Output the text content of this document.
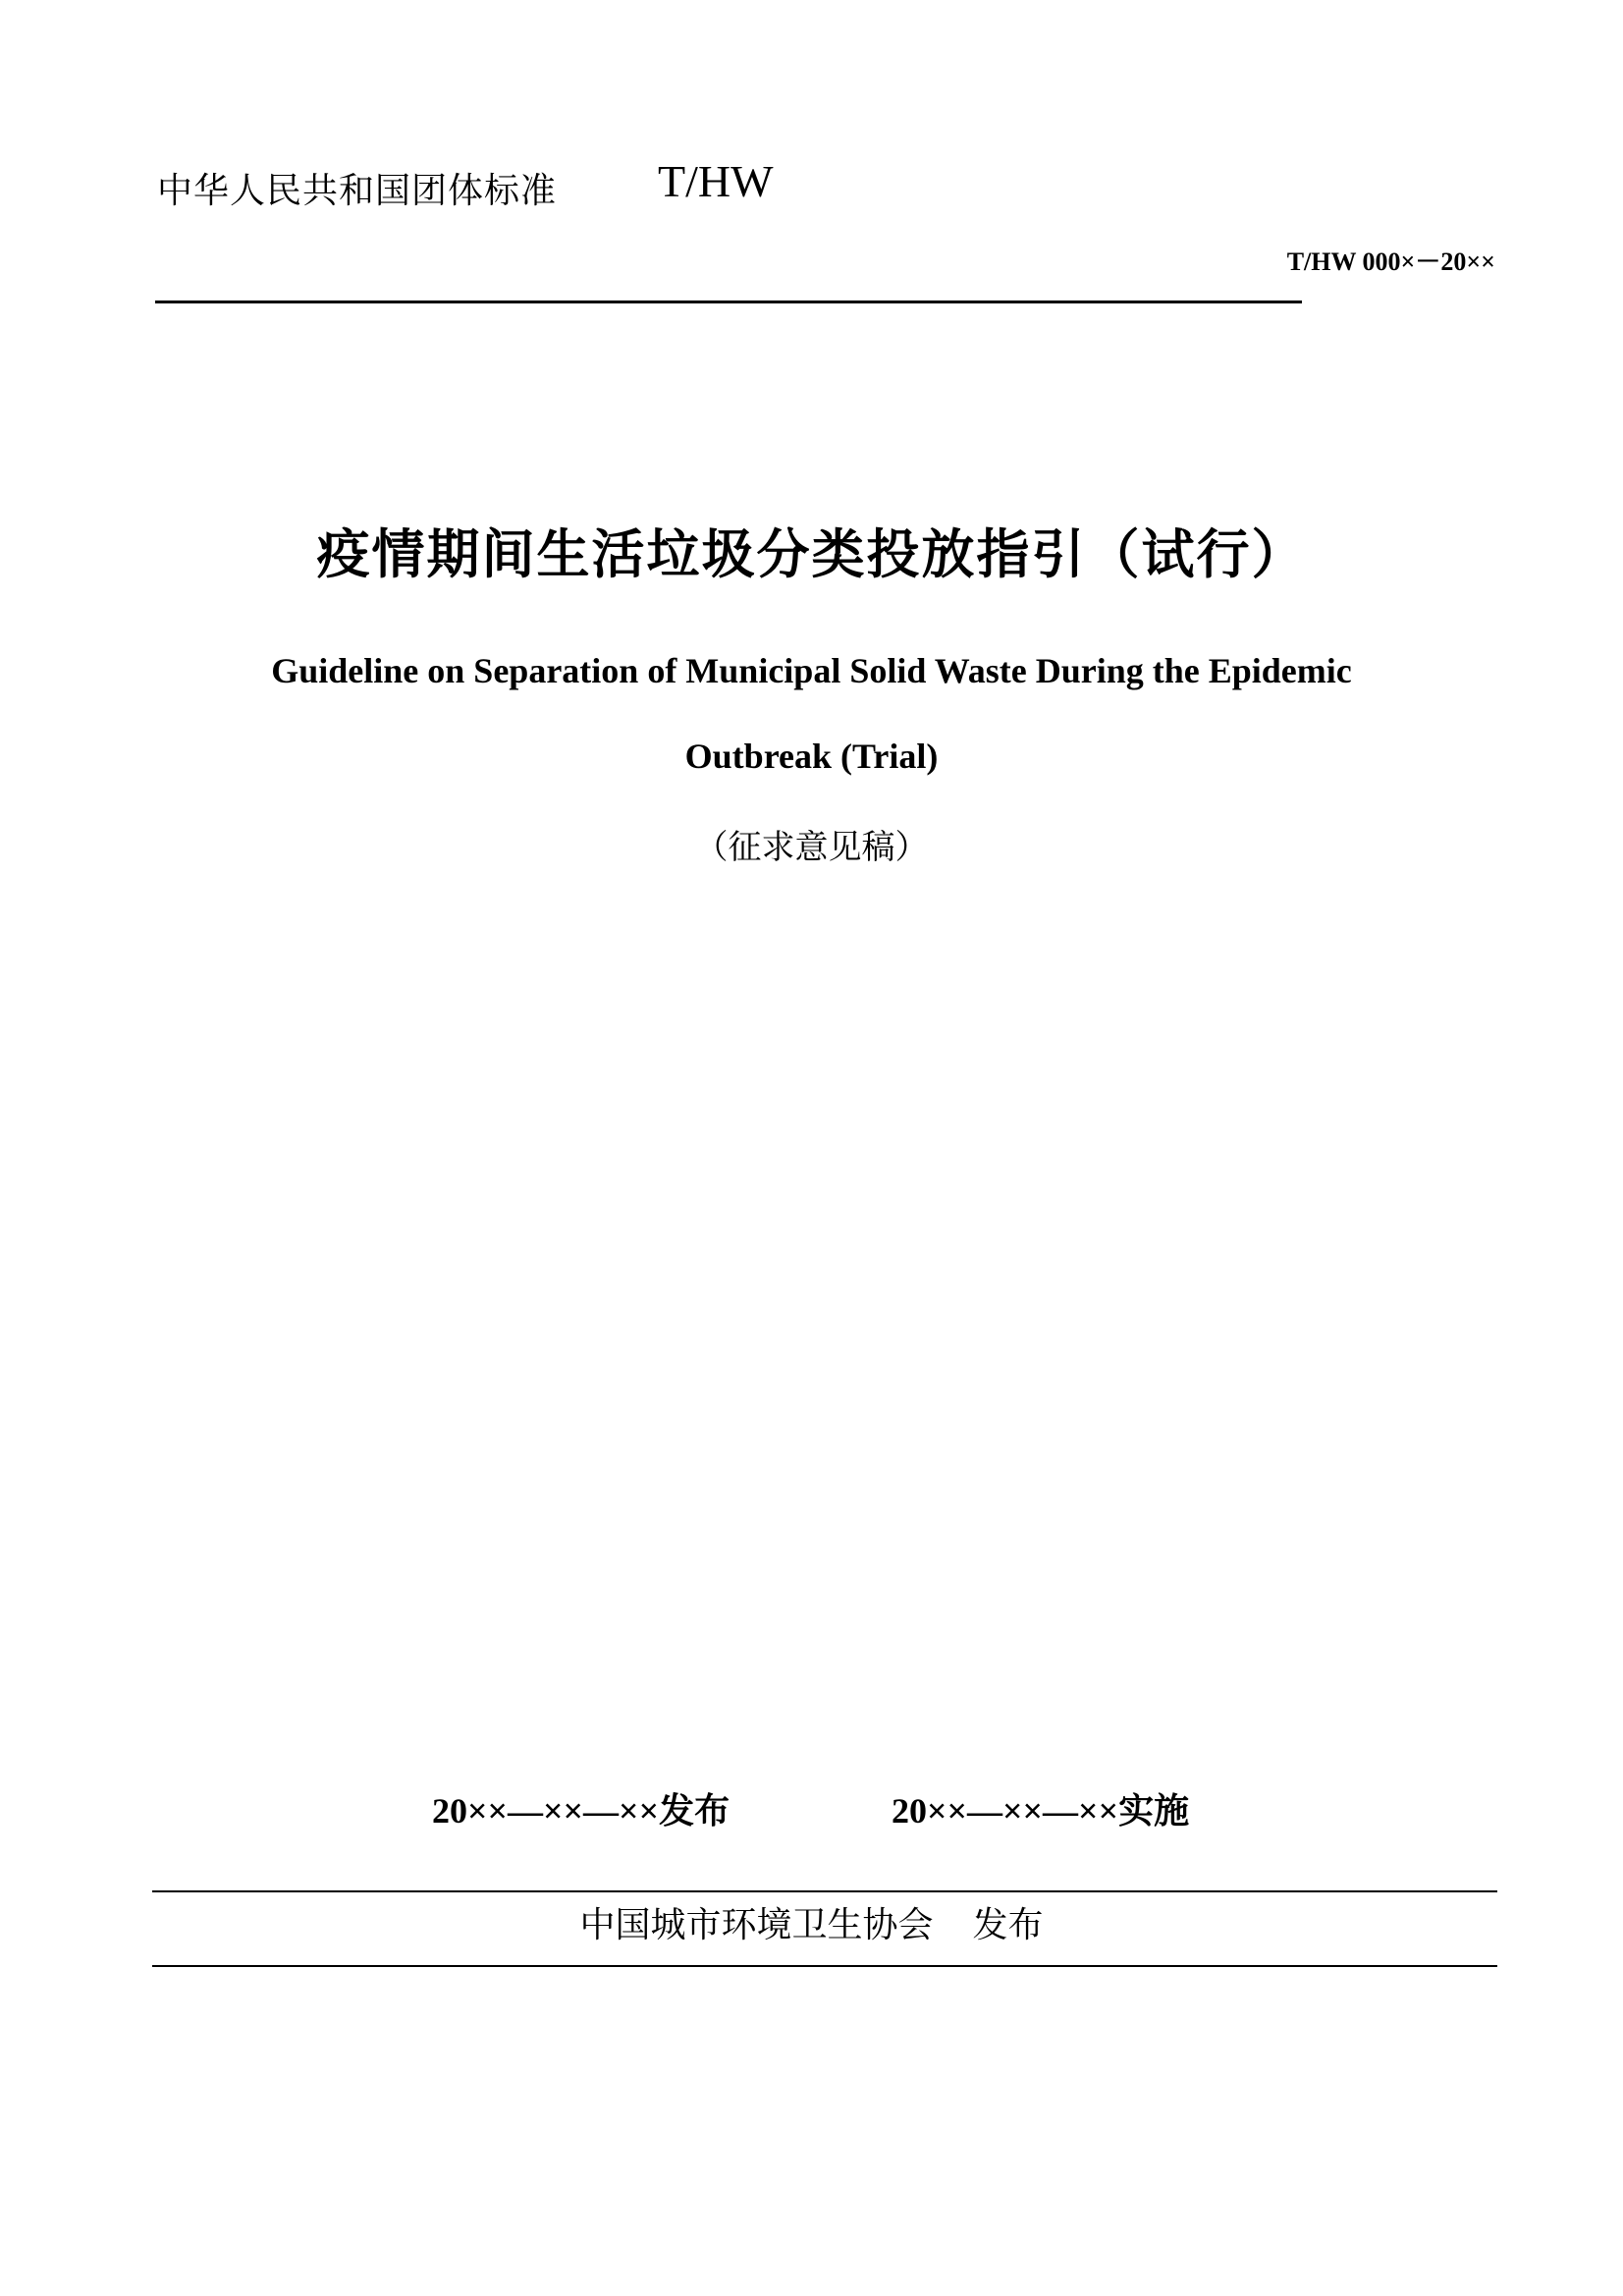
中华人民共和国团体标准 T/HW
T/HW 000×－20××
疫情期间生活垃圾分类投放指引（试行）
Guideline on Separation of Municipal Solid Waste During the Epidemic
Outbreak (Trial)
（征求意见稿）
20××—××—××发布	20××—××—××实施
中国城市环境卫生协会 发布
